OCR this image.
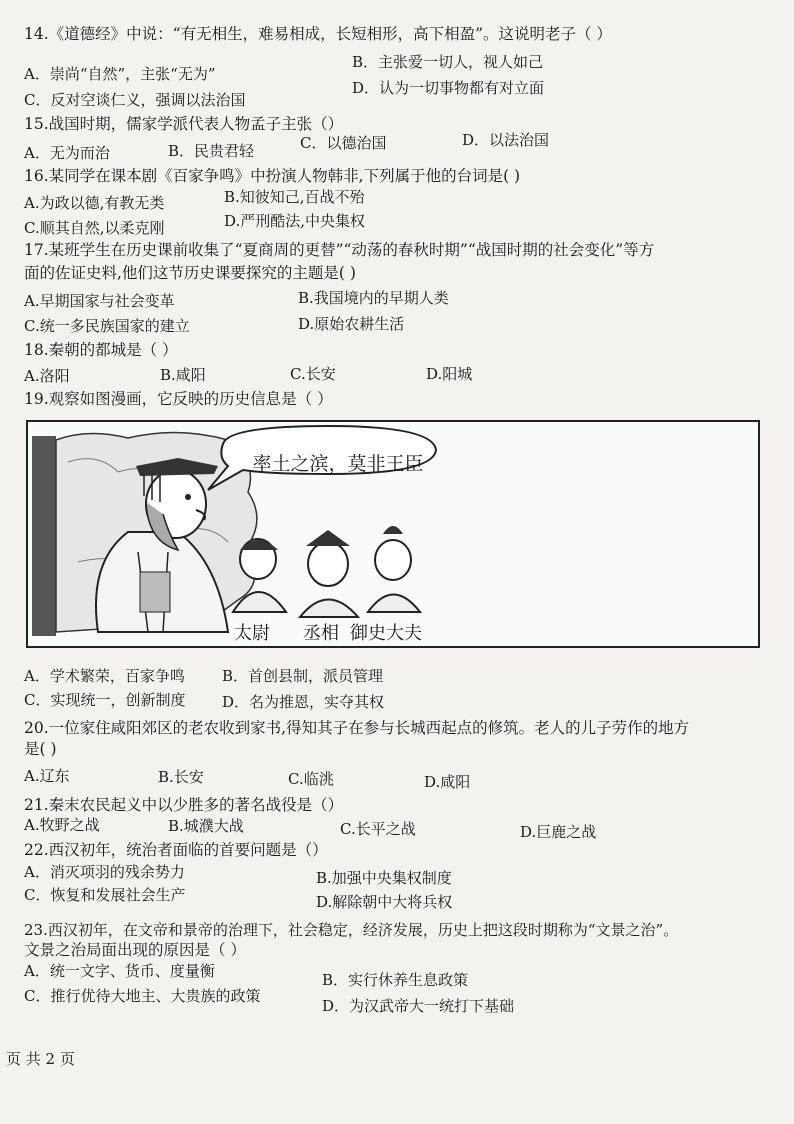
14.《道德经》中说：“有无相生，难易相成，长短相形，高下相盈”。这说明老子（ ）
A．崇尚“自然”，主张“无为”
B．主张爱一切人，视人如己
C．反对空谈仁义，强调以法治国
D．认为一切事物都有对立面
15.战国时期，儒家学派代表人物孟子主张（）
A．无为而治	B．民贵君轻	C．以德治国	D．以法治国
16.某同学在课本剧《百家争鸣》中扮演人物韩非,下列属于他的台词是( )
A.为政以德,有教无类	B.知彼知己,百战不殆
C.顺其自然,以柔克刚	D.严刑酷法,中央集权
17.某班学生在历史课前收集了“夏商周的更替”“动荡的春秋时期”“战国时期的社会变化”等方
面的佐证史料,他们这节历史课要探究的主题是( )
A.早期国家与社会变革	B.我国境内的早期人类
C.统一多民族国家的建立	D.原始农耕生活
18.秦朝的都城是（ ）
A.洛阳	B.咸阳	C.长安	D.阳城
19.观察如图漫画，它反映的历史信息是（ ）
率土之滨，莫非王臣
太尉 丞相 御史大夫
A．学术繁荣，百家争鸣 B．首创县制，派员管理
C．实现统一，创新制度 D．名为推恩，实夺其权
20.一位家住咸阳郊区的老农收到家书,得知其子在参与长城西起点的修筑。老人的儿子劳作的地方
是( )
A.辽东	B.长安	C.临洮	D.咸阳
21.秦末农民起义中以少胜多的著名战役是（）
A.牧野之战	B.城濮大战	C.长平之战	D.巨鹿之战
22.西汉初年，统治者面临的首要问题是（）
A．消灭项羽的残余势力	B.加强中央集权制度
C．恢复和发展社会生产	D.解除朝中大将兵权
23.西汉初年，在文帝和景帝的治理下，社会稳定，经济发展，历史上把这段时期称为“文景之治”。
文景之治局面出现的原因是（ ）
A．统一文字、货币、度量衡	B．实行休养生息政策
C．推行优待大地主、大贵族的政策
D．为汉武帝大一统打下基础
页 共 2 页
